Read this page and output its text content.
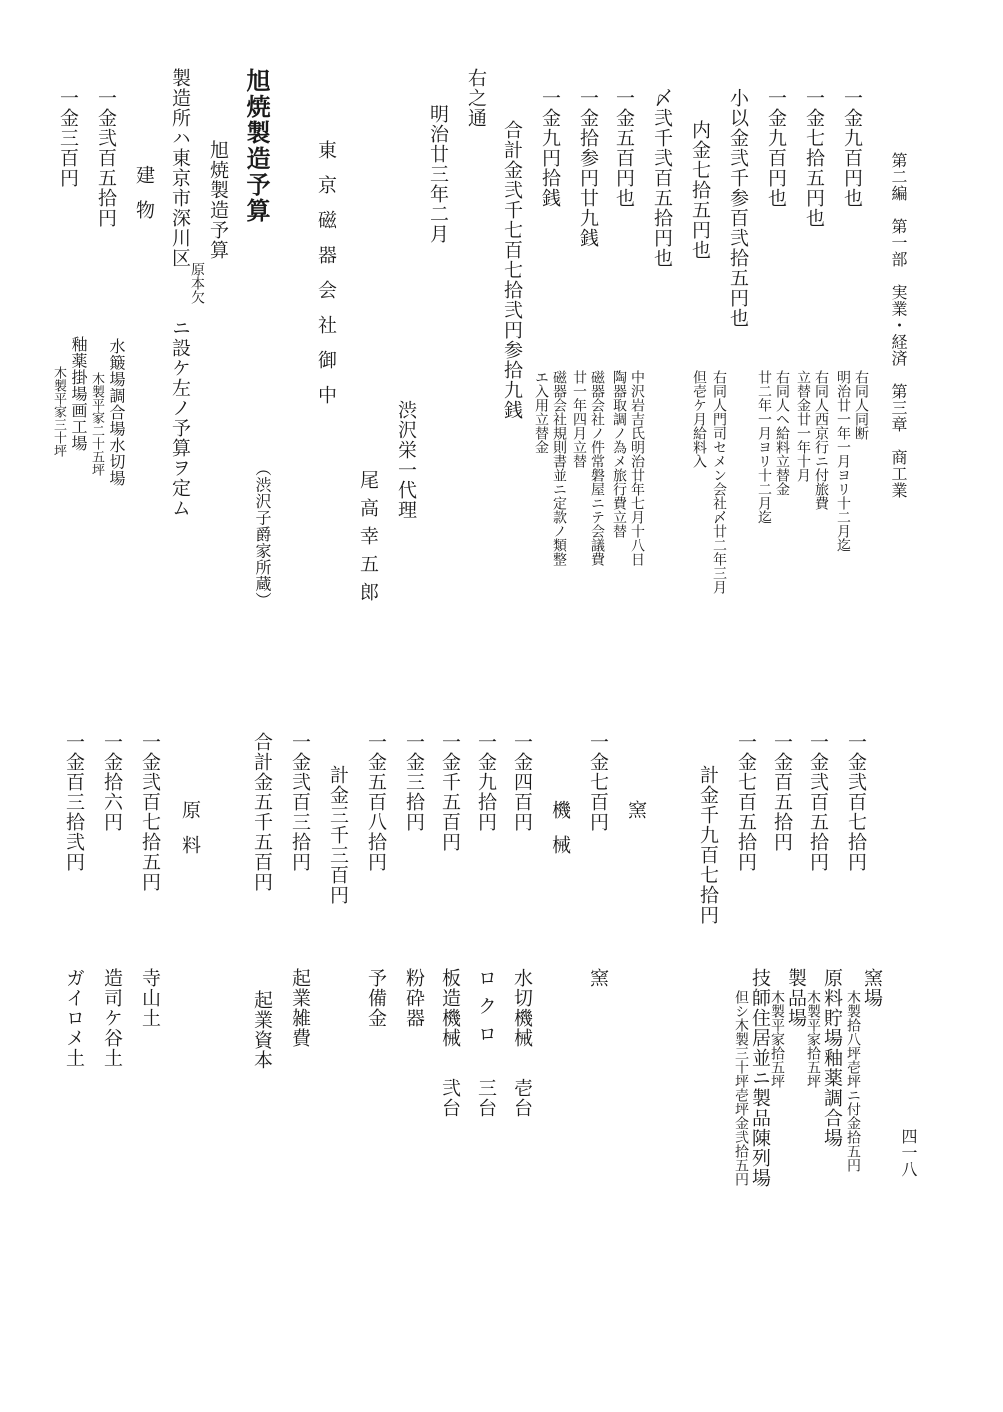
第二編　第一部　実業・経済　第三章　商工業
四一八
一金九百円也
右同人同断
明治廿一年一月ヨリ十二月迄
一金七拾五円也
右同人西京行ニ付旅費
立替金廿一年十月
一金九百円也
右同人ヘ給料立替金
廿二年一月ヨリ十二月迄
小以金弐千参百弐拾五円也
右同人門司セメン会社〆廿二年三月
内金七拾五円也
但壱ケ月給料入
〆弐千弐百五拾円也
一金五百円也
中沢岩吉氏明治廿年七月十八日
陶器取調ノ為メ旅行費立替
一金拾参円廿九銭
磁器会社ノ件常磐屋ニテ会議費
廿一年四月立替
一金九円拾銭
磁器会社規則書並ニ定款ノ類整
エ入用立替金
合計金弐千七百七拾弐円参拾九銭
右之通
明治廿三年二月
渋沢栄一代理
尾高幸五郎
東京磁器会社御中
（渋沢子爵家所蔵）
旭焼製造予算
旭焼製造予算
原本欠
製造所ハ東京市深川区
ニ設ケ左ノ予算ヲ定ム
建物
一金弐百五拾円
水簸場調合場水切場
木製平家二十五坪
一金三百円
釉薬掛場画工場
木製平家三十坪
一金弐百七拾円
窯場
木製拾八坪壱坪ニ付金拾五円
一金弐百五拾円
原料貯場釉薬調合場
木製平家拾五坪
一金百五拾円
製品場
木製平家拾五坪
一金七百五拾円
技師住居並ニ製品陳列場
但シ木製三十坪壱坪金弐拾五円
計金千九百七拾円
窯
一金七百円
窯
機械
一金四百円
水切機械
壱台
一金九拾円
ロクロ
三台
一金千五百円
板造機械
弐台
一金三拾円
粉砕器
一金五百八拾円
予備金
計金三千三百円
一金弐百三拾円
起業雑費
合計金五千五百円
起業資本
原料
一金弐百七拾五円
寺山土
一金拾六円
造司ケ谷土
一金百三拾弐円
ガイロメ土
